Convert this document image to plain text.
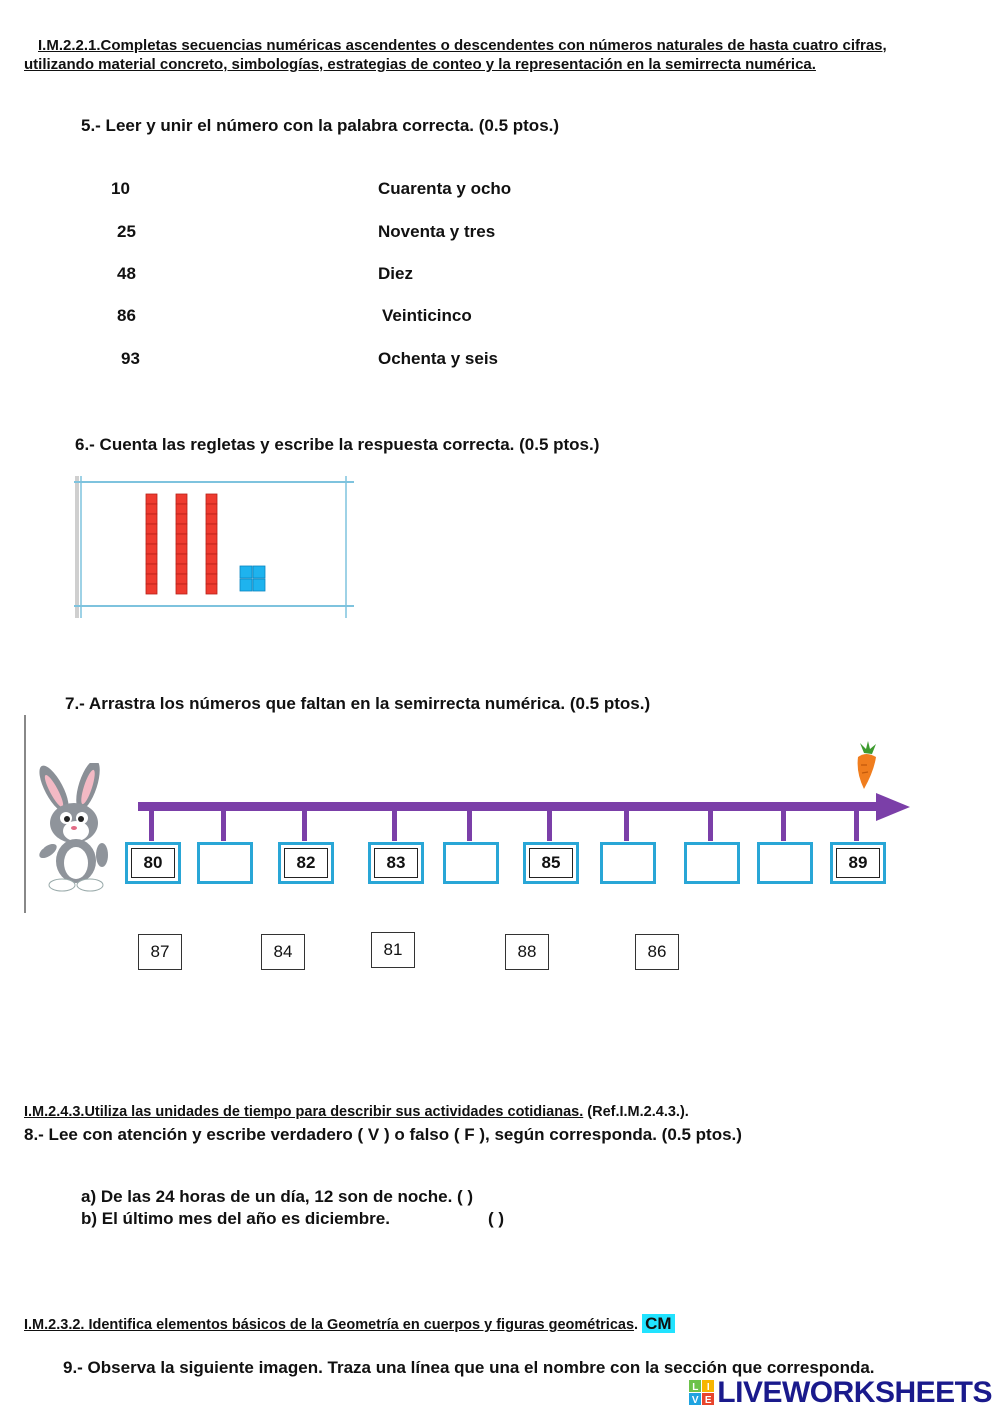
I.M.2.2.1.Completas secuencias numéricas ascendentes o descendentes con números naturales de hasta cuatro cifras, utilizando material concreto, simbologías, estrategias de conteo y la representación en la semirrecta numérica.
5.- Leer y unir el número con la palabra correcta. (0.5 ptos.)
10
25
48
86
93
Cuarenta y ocho
Noventa y tres
Diez
Veinticinco
Ochenta y seis
6.- Cuenta las regletas y escribe la respuesta correcta. (0.5 ptos.)
7.- Arrastra los números que faltan en la semirrecta numérica. (0.5 ptos.)
80	82	83	85	89
87	84	81	88	86
I.M.2.4.3.Utiliza las unidades de tiempo para describir sus actividades cotidianas. (Ref.I.M.2.4.3.).
8.- Lee con atención y escribe verdadero ( V ) o falso ( F ), según corresponda. (0.5 ptos.)
a) De las 24 horas de un día, 12 son de noche. ( )
b) El último mes del año es diciembre.	( )
I.M.2.3.2. Identifica elementos básicos de la Geometría en cuerpos y figuras geométricas. CM
9.- Observa la siguiente imagen. Traza una línea que una el nombre con la sección que corresponda.
L I
V E LIVEWORKSHEETS
